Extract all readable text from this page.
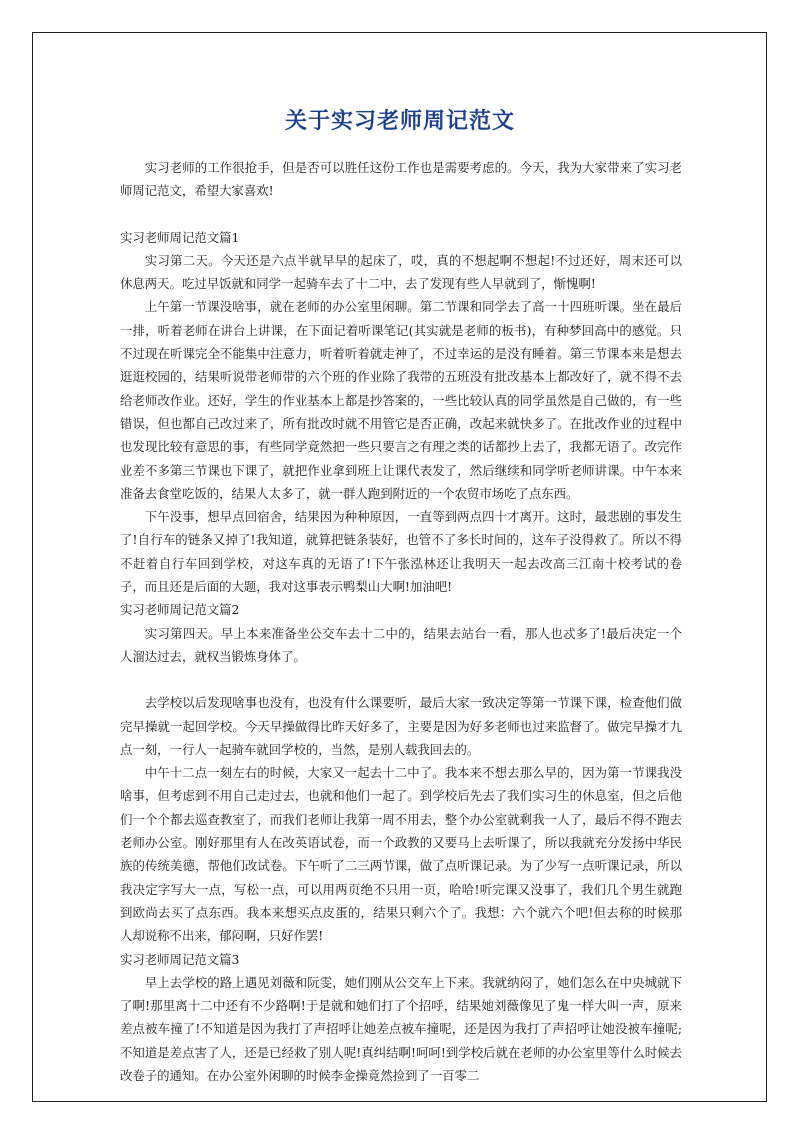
关于实习老师周记范文

实习老师的工作很抢手，但是否可以胜任这份工作也是需要考虑的。今天，我为大家带来了实习老师周记范文，希望大家喜欢!

实习老师周记范文篇1

实习第二天。今天还是六点半就早早的起床了，哎，真的不想起啊不想起!不过还好，周末还可以休息两天。吃过早饭就和同学一起骑车去了十二中，去了发现有些人早就到了，惭愧啊!

上午第一节课没啥事，就在老师的办公室里闲聊。第二节课和同学去了高一十四班听课。坐在最后一排，听着老师在讲台上讲课，在下面记着听课笔记(其实就是老师的板书)，有种梦回高中的感觉。只不过现在听课完全不能集中注意力，听着听着就走神了，不过幸运的是没有睡着。第三节课本来是想去逛逛校园的，结果听说带老师带的六个班的作业除了我带的五班没有批改基本上都改好了，就不得不去给老师改作业。还好，学生的作业基本上都是抄答案的，一些比较认真的同学虽然是自己做的，有一些错误，但也都自己改过来了，所有批改时就不用管它是否正确，改起来就快多了。在批改作业的过程中也发现比较有意思的事，有些同学竟然把一些只要言之有理之类的话都抄上去了，我都无语了。改完作业差不多第三节课也下课了，就把作业拿到班上让课代表发了，然后继续和同学听老师讲课。中午本来准备去食堂吃饭的，结果人太多了，就一群人跑到附近的一个农贸市场吃了点东西。

下午没事，想早点回宿舍，结果因为种种原因，一直等到两点四十才离开。这时，最悲剧的事发生了!自行车的链条又掉了!我知道，就算把链条装好，也管不了多长时间的，这车子没得救了。所以不得不赶着自行车回到学校，对这车真的无语了!下午张泓林还让我明天一起去改高三江南十校考试的卷子，而且还是后面的大题，我对这事表示鸭梨山大啊!加油吧!

实习老师周记范文篇2

实习第四天。早上本来准备坐公交车去十二中的，结果去站台一看，那人也忒多了!最后决定一个人溜达过去，就权当锻炼身体了。

去学校以后发现啥事也没有，也没有什么课要听，最后大家一致决定等第一节课下课，检查他们做完早操就一起回学校。今天早操做得比昨天好多了，主要是因为好多老师也过来监督了。做完早操才九点一刻，一行人一起骑车就回学校的，当然，是别人载我回去的。

中午十二点一刻左右的时候，大家又一起去十二中了。我本来不想去那么早的，因为第一节课我没啥事，但考虑到不用自己走过去，也就和他们一起了。到学校后先去了我们实习生的休息室，但之后他们一个个都去巡查教室了，而我们老师让我第一周不用去，整个办公室就剩我一人了，最后不得不跑去老师办公室。刚好那里有人在改英语试卷，而一个政教的又要马上去听课了，所以我就充分发扬中华民族的传统美德，帮他们改试卷。下午听了二三两节课，做了点听课记录。为了少写一点听课记录，所以我决定字写大一点，写松一点，可以用两页绝不只用一页，哈哈!听完课又没事了，我们几个男生就跑到欧尚去买了点东西。我本来想买点皮蛋的，结果只剩六个了。我想：六个就六个吧!但去称的时候那人却说称不出来，郁闷啊，只好作罢!

实习老师周记范文篇3

早上去学校的路上遇见刘薇和阮雯，她们刚从公交车上下来。我就纳闷了，她们怎么在中央城就下了啊!那里离十二中还有不少路啊!于是就和她们打了个招呼，结果她刘薇像见了鬼一样大叫一声，原来差点被车撞了!不知道是因为我打了声招呼让她差点被车撞呢，还是因为我打了声招呼让她没被车撞呢;不知道是差点害了人，还是已经救了别人呢!真纠结啊!呵呵!到学校后就在老师的办公室里等什么时候去改卷子的通知。在办公室外闲聊的时候李金操竟然捡到了一百零二
